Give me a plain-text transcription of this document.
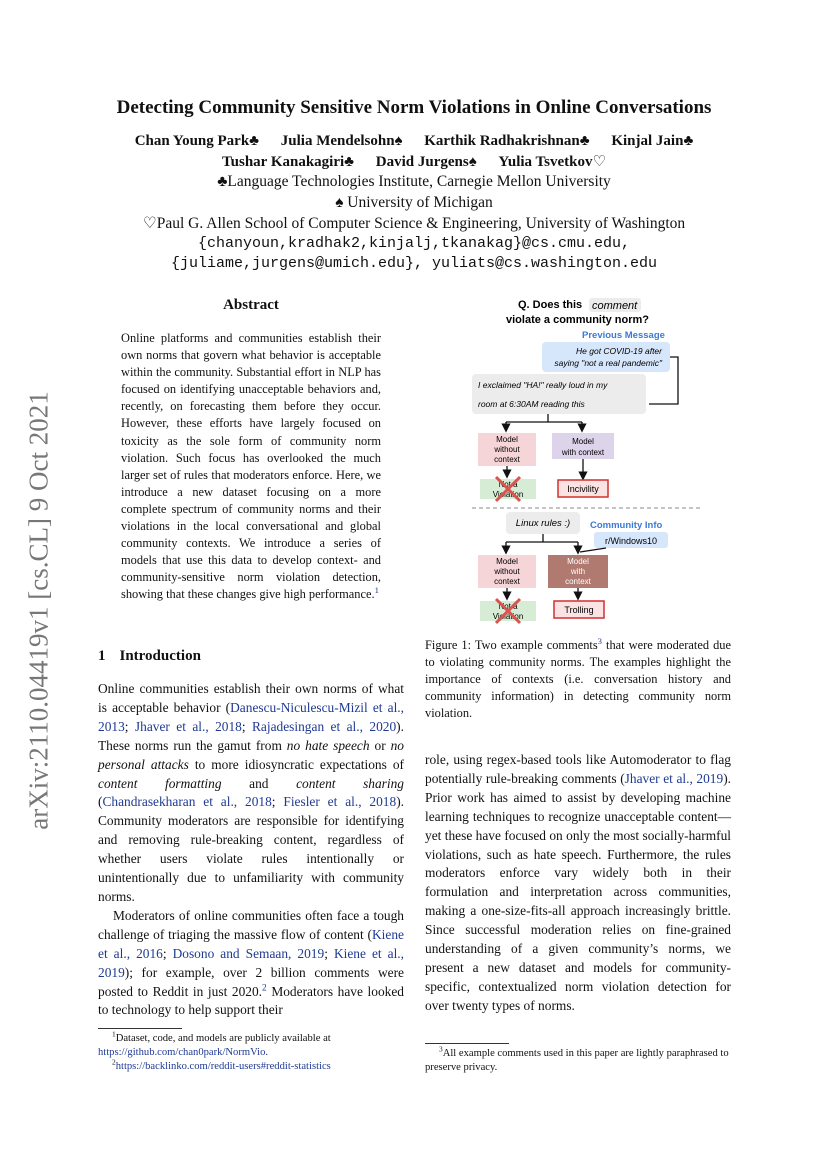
arXiv:2110.04419v1 [cs.CL] 9 Oct 2021
Detecting Community Sensitive Norm Violations in Online Conversations
Chan Young Park♣ Julia Mendelsohn♠ Karthik Radhakrishnan♣ Kinjal Jain♣
Tushar Kanakagiri♣ David Jurgens♠ Yulia Tsvetkov♡
♣Language Technologies Institute, Carnegie Mellon University
♠ University of Michigan
♡Paul G. Allen School of Computer Science & Engineering, University of Washington
{chanyoun,kradhak2,kinjalj,tkanakag}@cs.cmu.edu,
{juliame,jurgens@umich.edu}, yuliats@cs.washington.edu
Abstract
Online platforms and communities establish their own norms that govern what behavior is acceptable within the community. Substantial effort in NLP has focused on identifying unacceptable behaviors and, recently, on forecasting them before they occur. However, these efforts have largely focused on toxicity as the sole form of community norm violation. Such focus has overlooked the much larger set of rules that moderators enforce. Here, we introduce a new dataset focusing on a more complete spectrum of community norms and their violations in the local conversational and global community contexts. We introduce a series of models that use this data to develop context- and community-sensitive norm violation detection, showing that these changes give high performance.$^1$
1 Introduction

Online communities establish their own norms of what is acceptable behavior (Danescu-Niculescu-Mizil et al., 2013; Jhaver et al., 2018; Rajadesingan et al., 2020). These norms run the gamut from no hate speech or no personal attacks to more idiosyncratic expectations of content formatting and content sharing (Chandrasekharan et al., 2018; Fiesler et al., 2018). Community moderators are responsible for identifying and removing rule-breaking content, regardless of whether users violate rules intentionally or unintentionally due to unfamiliarity with community norms.

Moderators of online communities often face a tough challenge of triaging the massive flow of content (Kiene et al., 2016; Dosono and Semaan, 2019; Kiene et al., 2019); for example, over 2 billion comments were posted to Reddit in just 2020.$^2$ Moderators have looked to technology to help support their

$^1$Dataset, code, and models are publicly available at https://github.com/chan0park/NormVio.
$^2$https://backlinko.com/reddit-users#reddit-statistics
Q. Does this comment
violate a community norm?
Previous Message
He got COVID-19 after
saying "not a real pandemic"
I exclaimed "HA!" really loud in my
room at 6:30AM reading this
Model
without
context
Model
with context
Not a
Violation
Incivility
Linux rules :) Community Info
r/Windows10
Model
without
context
Model
with
context
Not a
Violation
Trolling
Figure 1: Two example comments$^3$ that were moderated due to violating community norms. The examples highlight the importance of contexts (i.e. conversation history and community information) in detecting community norm violation.

role, using regex-based tools like Automoderator to flag potentially rule-breaking comments (Jhaver et al., 2019). Prior work has aimed to assist by developing machine learning techniques to recognize unacceptable content—yet these have focused on only the most socially-harmful violations, such as hate speech. Furthermore, the rules moderators enforce vary widely both in their formulation and interpretation across communities, making a one-size-fits-all approach increasingly brittle. Since successful moderation relies on fine-grained understanding of a given community’s norms, we present a new dataset and models for community-specific, contextualized norm violation detection for over twenty types of norms.

$^3$All example comments used in this paper are lightly paraphrased to preserve privacy.
